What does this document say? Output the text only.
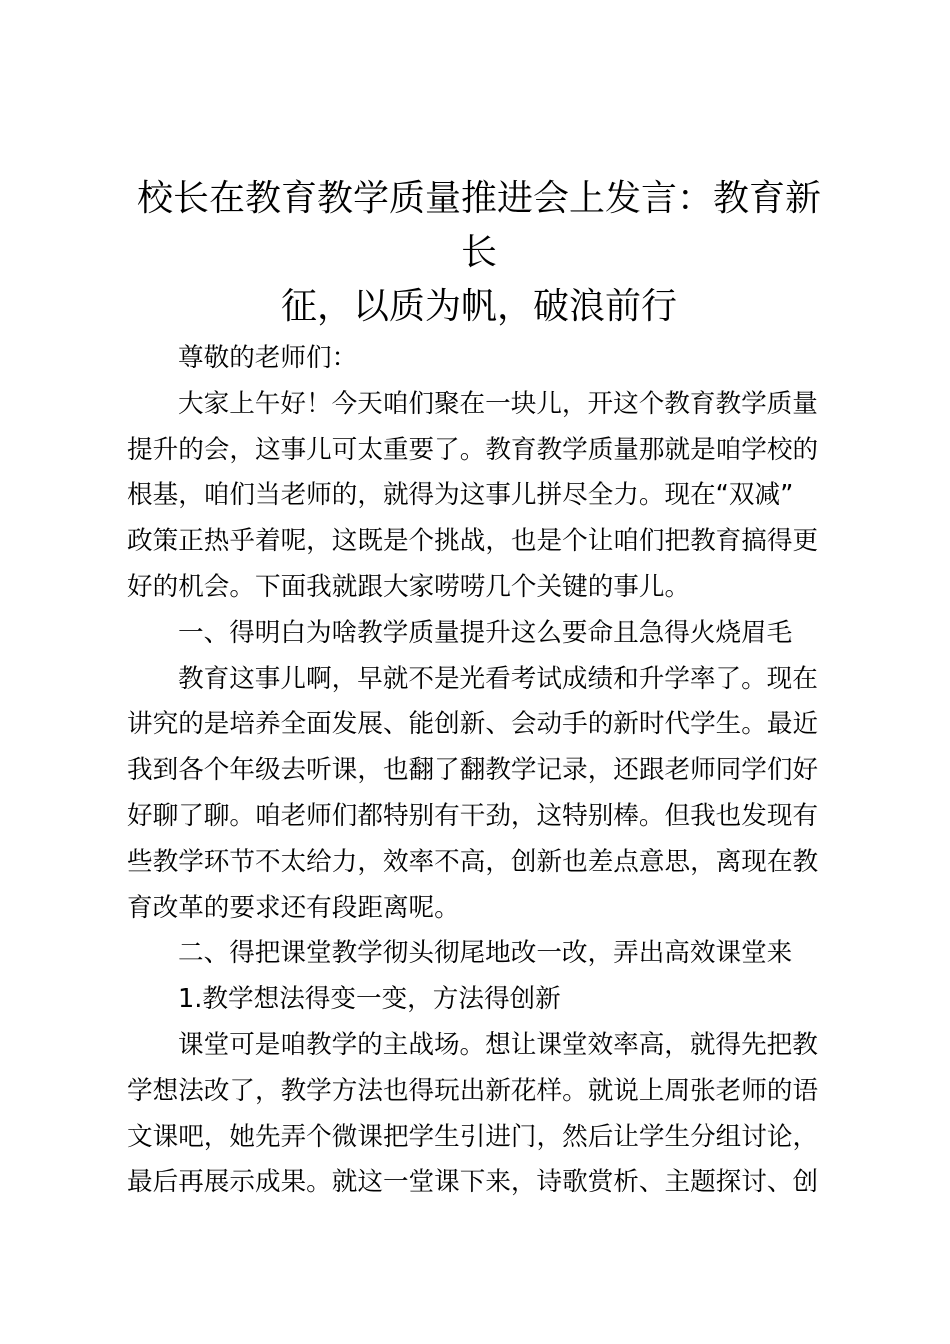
校长在教育教学质量推进会上发言：教育新长
征，以质为帆，破浪前行
尊敬的老师们：
大家上午好！今天咱们聚在一块儿，开这个教育教学质量
提升的会，这事儿可太重要了。教育教学质量那就是咱学校的
根基，咱们当老师的，就得为这事儿拼尽全力。现在“双减”
政策正热乎着呢，这既是个挑战，也是个让咱们把教育搞得更
好的机会。下面我就跟大家唠唠几个关键的事儿。
一、得明白为啥教学质量提升这么要命且急得火烧眉毛
教育这事儿啊，早就不是光看考试成绩和升学率了。现在
讲究的是培养全面发展、能创新、会动手的新时代学生。最近
我到各个年级去听课，也翻了翻教学记录，还跟老师同学们好
好聊了聊。咱老师们都特别有干劲，这特别棒。但我也发现有
些教学环节不太给力，效率不高，创新也差点意思，离现在教
育改革的要求还有段距离呢。
二、得把课堂教学彻头彻尾地改一改，弄出高效课堂来
1.教学想法得变一变，方法得创新
课堂可是咱教学的主战场。想让课堂效率高，就得先把教
学想法改了，教学方法也得玩出新花样。就说上周张老师的语
文课吧，她先弄个微课把学生引进门，然后让学生分组讨论，
最后再展示成果。就这一堂课下来，诗歌赏析、主题探讨、创
